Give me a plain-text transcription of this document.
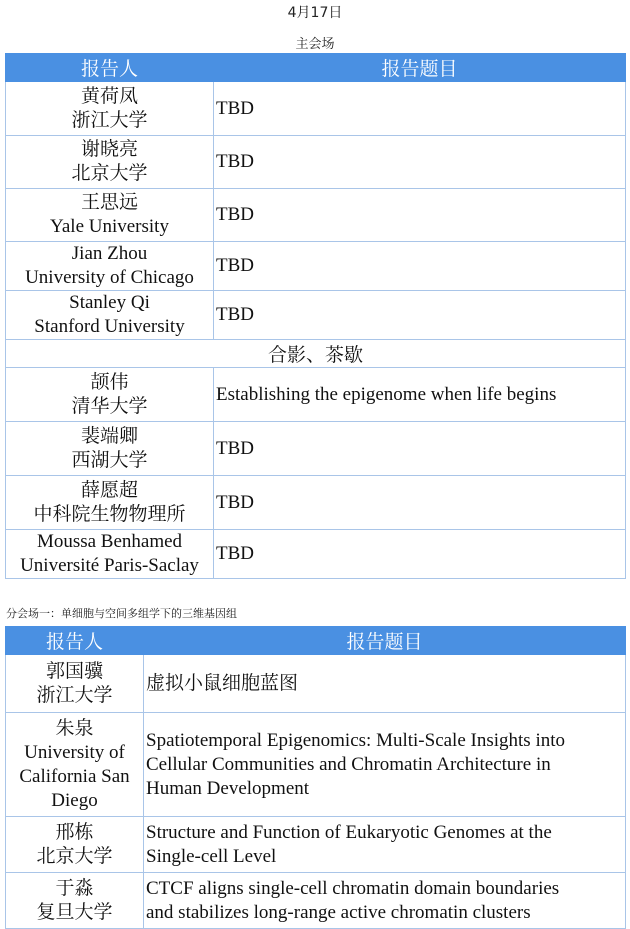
4月17日
主会场
报告人	报告题目

黄荷凤
浙江大学	TBD

谢晓亮
北京大学	TBD

王思远
Yale University	TBD

Jian Zhou
University of Chicago	TBD

Stanley Qi
Stanford University	TBD
合影、茶歇	

颉伟
清华大学	Establishing the epigenome when life begins

裴端卿
西湖大学	TBD

薛愿超
中科院生物物理所	TBD

Moussa Benhamed
Université Paris-Saclay	TBD
分会场一：单细胞与空间多组学下的三维基因组
报告人	报告题目

郭国骥
浙江大学	虚拟小鼠细胞蓝图

朱泉
University of
California San
Diego	Spatiotemporal Epigenomics: Multi-Scale Insights into
Cellular Communities and Chromatin Architecture in
Human Development

邢栋
北京大学	Structure and Function of Eukaryotic Genomes at the
Single-cell Level

于淼
复旦大学	CTCF aligns single-cell chromatin domain boundaries
and stabilizes long-range active chromatin clusters
